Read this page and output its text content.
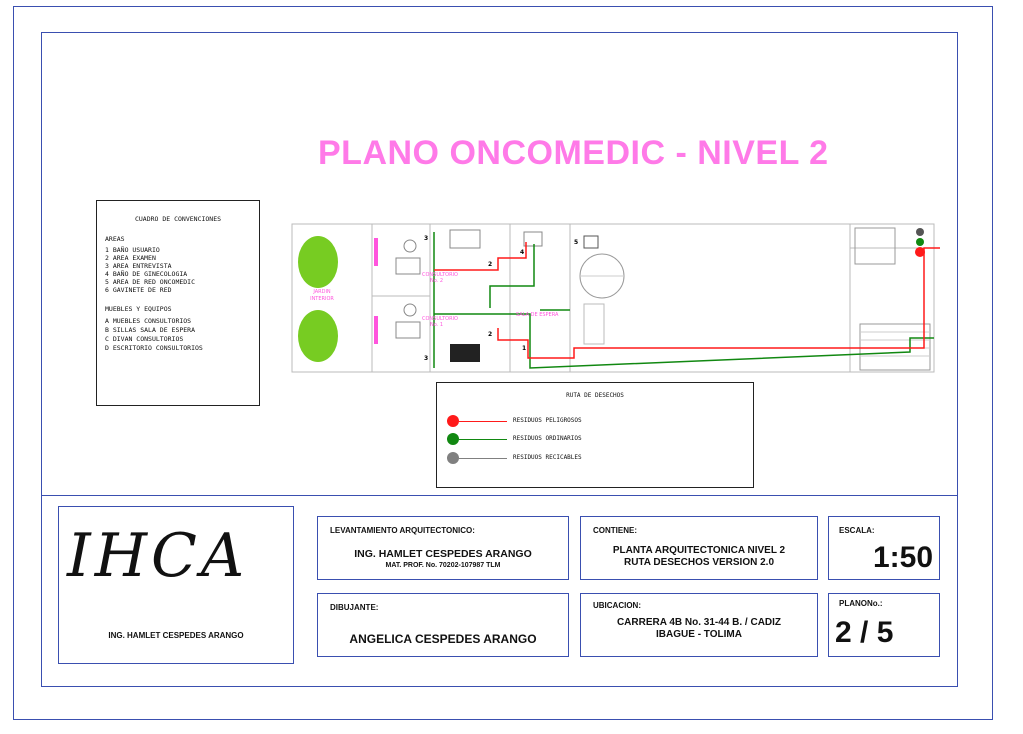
PLANO ONCOMEDIC - NIVEL 2
CUADRO DE CONVENCIONES
AREAS
1 BAÑO USUARIO
2 AREA EXAMEN
3 AREA ENTREVISTA
4 BAÑO DE GINECOLOGIA
5 AREA DE RED ONCOMEDIC
6 GAVINETE DE RED
MUEBLES Y EQUIPOS
A MUEBLES CONSULTORIOS
B SILLAS SALA DE ESPERA
C DIVAN CONSULTORIOS
D ESCRITORIO CONSULTORIOS
JARDIN
INTERIOR
CONSULTORIO
No. 2
CONSULTORIO
No. 1
SALA DE ESPERA
3
3
2
2
4
5
1
RUTA DE DESECHOS
RESIDUOS PELIGROSOS
RESIDUOS ORDINARIOS
RESIDUOS RECICABLES
IHCA
ING. HAMLET CESPEDES ARANGO
LEVANTAMIENTO ARQUITECTONICO:
ING. HAMLET CESPEDES ARANGO
MAT. PROF. No. 70202-107987 TLM
CONTIENE:
PLANTA ARQUITECTONICA NIVEL 2
RUTA DESECHOS VERSION 2.0
ESCALA:
1:50
DIBUJANTE:
ANGELICA CESPEDES ARANGO
UBICACION:
CARRERA 4B No. 31-44 B. / CADIZ
IBAGUE - TOLIMA
PLANONo.:
2 / 5
